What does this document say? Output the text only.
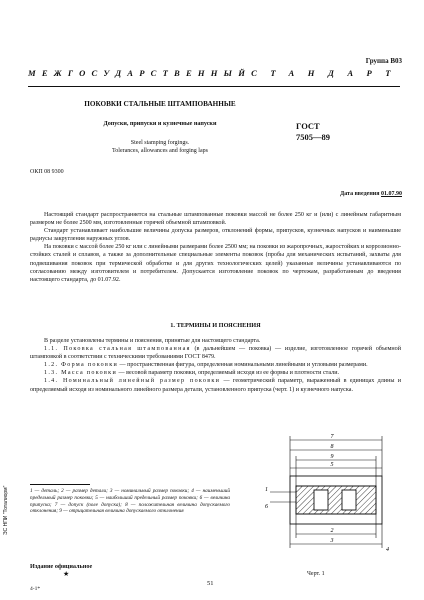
Группа В03
МЕЖГОСУДАРСТВЕННЫЙ СТАНДАРТ
ПОКОВКИ СТАЛЬНЫЕ ШТАМПОВАННЫЕ
Допуски, припуски и кузнечные напуски
Steel stamping forgings.
Tolerances, allowances and forging laps
ГОСТ
7505—89
ОКП 08 9300
Дата введения 01.07.90

Настоящий стандарт распространяется на стальные штампованные поковки массой не более 250 кг и (или) с линейным габаритным размером не более 2500 мм, изготовленные горячей объемной штамповкой.

Стандарт устанавливает наибольшие величины допуска размеров, отклонений формы, припусков, кузнечных напусков и наименьшие радиусы закругления наружных углов.

На поковки с массой более 250 кг или с линейными размерами более 2500 мм; на поковки из жаропрочных, жаростойких и коррозионно-стойких сталей и сплавов, а также за дополнительные специальные элементы поковок (пробы для механических испытаний, захваты для подвешивания поковок при термической обработке и для других технологических целей) указанные величины устанавливаются по согласованию между изготовителем и потребителем. Допускается изготовление поковок по чертежам, разработанным до введения настоящего стандарта, до 01.07.92.

1. ТЕРМИНЫ И ПОЯСНЕНИЯ

В разделе установлены термины и пояснения, принятые для настоящего стандарта.

1.1. Поковка стальная штампованная (в дальнейшем — поковка) — изделие, изготовленное горячей объемной штамповкой в соответствии с техническими требованиями ГОСТ 8479.

1.2. Форма поковки — пространственная фигура, определенная номинальными линейными и угловыми размерами.

1.3. Масса поковки — весовой параметр поковки, определяемый исходя из ее формы и плотности стали.

1.4. Номинальный линейный размер поковки — геометрический параметр, выраженный в единицах длины и определяемый исходя из номинального линейного размера детали, установленного припуска (черт. 1) и кузнечного напуска.

7
8
9
5
1
6
2
3
4
1 — деталь; 2 — размер детали; 3 — номинальный размер поковки; 4 — наименьший предельный размер поковки; 5 — наибольший предельный размер поковки; 6 — величина припуска; 7 — допуск (поле допуска); 8 — положительная величина допускаемого отклонения; 9 — отрицательная величина допускаемого отклонения
Черт. 1
Издание официальное
★
4-1*
51
ЭС НПИ "Тоталиорм"
